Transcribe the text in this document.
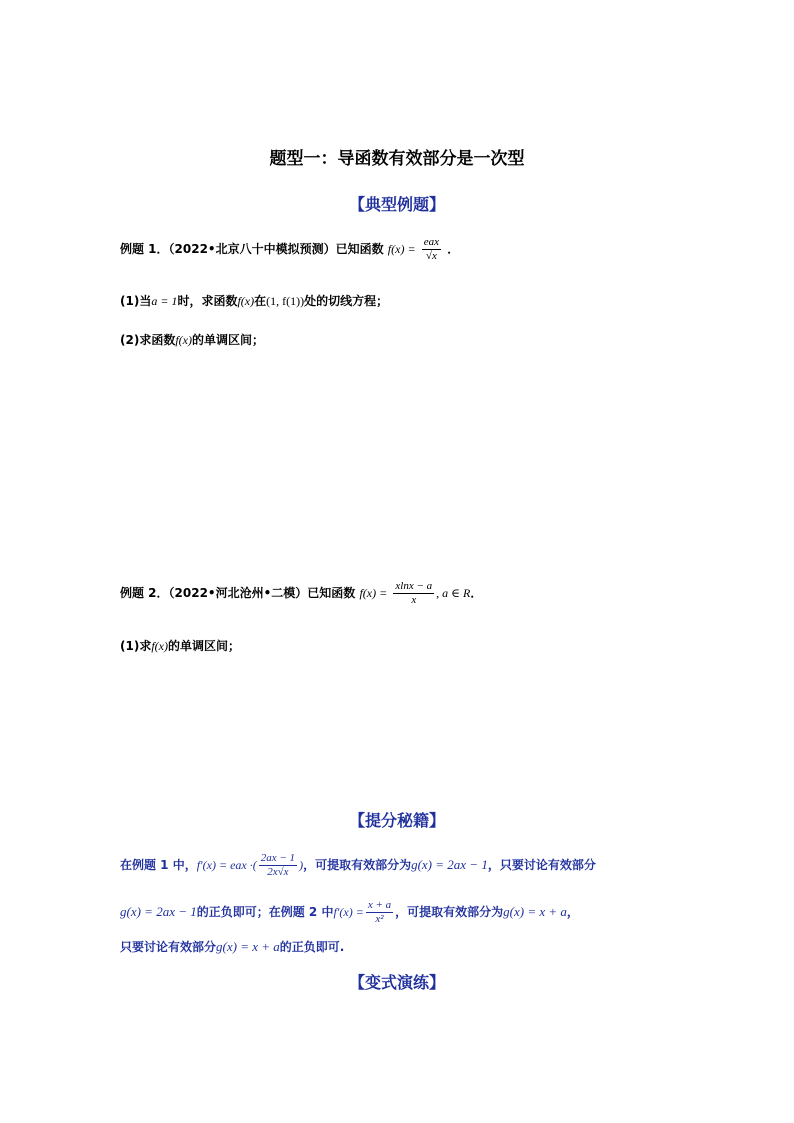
题型一：导函数有效部分是一次型
【典型例题】
例题 1．（2022•北京八十中模拟预测）已知函数 $f(x) = \frac{\text{eax}}{√x}$ ．
(1)当a = 1时，求函数f(x)在(1, f(1))处的切线方程；
(2)求函数f(x)的单调区间；
例题 2．（2022•河北沧州•二模）已知函数 $f(x) = \frac{xlnx - a}{x}$ , a ∈ R．
(1)求f(x)的单调区间；
【提分秘籍】
在例题 1 中，f′(x) = eax ·( $\frac{2ax - 1}{2x√x}$ )，可提取有效部分为g(x) = 2ax − 1，只要讨论有效部分
g(x) = 2ax − 1的正负即可；在例题 2 中$f'(x) = \frac{x + a}{\text{x²}}$ ，可提取有效部分为g(x) = x + a，
只要讨论有效部分g(x) = x + a的正负即可.
【变式演练】
